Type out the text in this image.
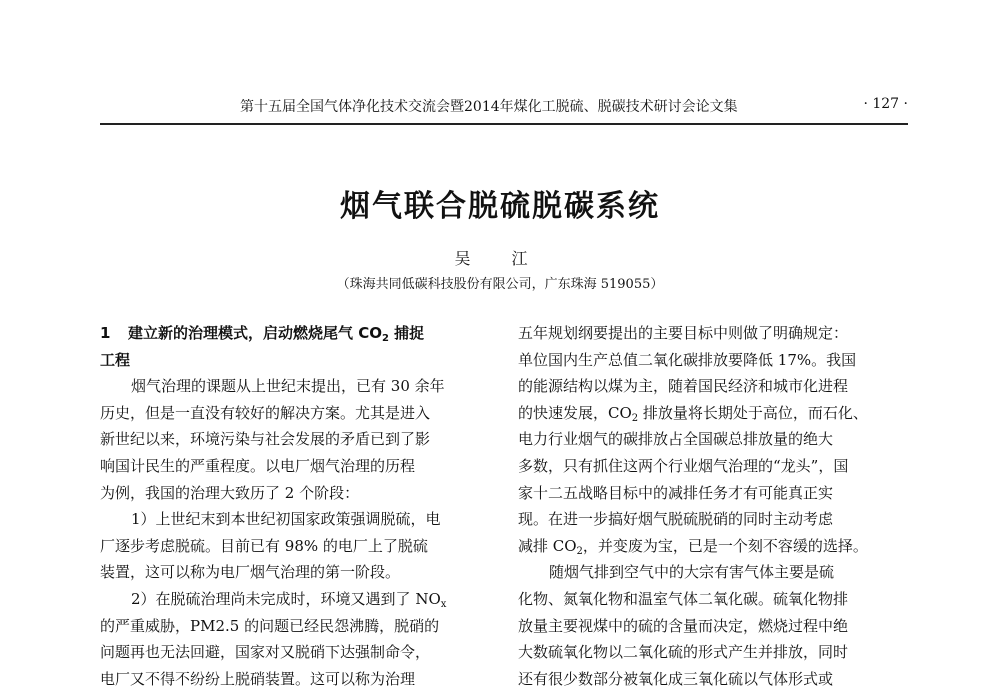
第十五届全国气体净化技术交流会暨2014年煤化工脱硫、脱碳技术研讨会论文集	· 127 ·
烟气联合脱硫脱碳系统
吴 江
（珠海共同低碳科技股份有限公司，广东珠海 519055）
1 建立新的治理模式，启动燃烧尾气 $CO_2$ 捕捉
工程
烟气治理的课题从上世纪末提出，已有 30 余年
历史，但是一直没有较好的解决方案。尤其是进入
新世纪以来，环境污染与社会发展的矛盾已到了影
响国计民生的严重程度。以电厂烟气治理的历程
为例，我国的治理大致历了 2 个阶段：
1）上世纪末到本世纪初国家政策强调脱硫，电
厂逐步考虑脱硫。目前已有 98% 的电厂上了脱硫
装置，这可以称为电厂烟气治理的第一阶段。
2）在脱硫治理尚未完成时，环境又遇到了 $NO_x$
的严重威胁，PM2.5 的问题已经民怨沸腾，脱硝的
问题再也无法回避，国家对又脱硝下达强制命令，
电厂又不得不纷纷上脱硝装置。这可以称为治理
五年规划纲要提出的主要目标中则做了明确规定：
单位国内生产总值二氧化碳排放要降低 17%。我国
的能源结构以煤为主，随着国民经济和城市化进程
的快速发展，$CO_2$ 排放量将长期处于高位，而石化、
电力行业烟气的碳排放占全国碳总排放量的绝大
多数，只有抓住这两个行业烟气治理的“龙头”，国
家十二五战略目标中的减排任务才有可能真正实
现。在进一步搞好烟气脱硫脱硝的同时主动考虑
减排 $CO_2$，并变废为宝，已是一个刻不容缓的选择。
随烟气排到空气中的大宗有害气体主要是硫
化物、氮氧化物和温室气体二氧化碳。硫氧化物排
放量主要视煤中的硫的含量而决定，燃烧过程中绝
大数硫氧化物以二氧化硫的形式产生并排放，同时
还有很少数部分被氧化成三氧化硫以气体形式或
